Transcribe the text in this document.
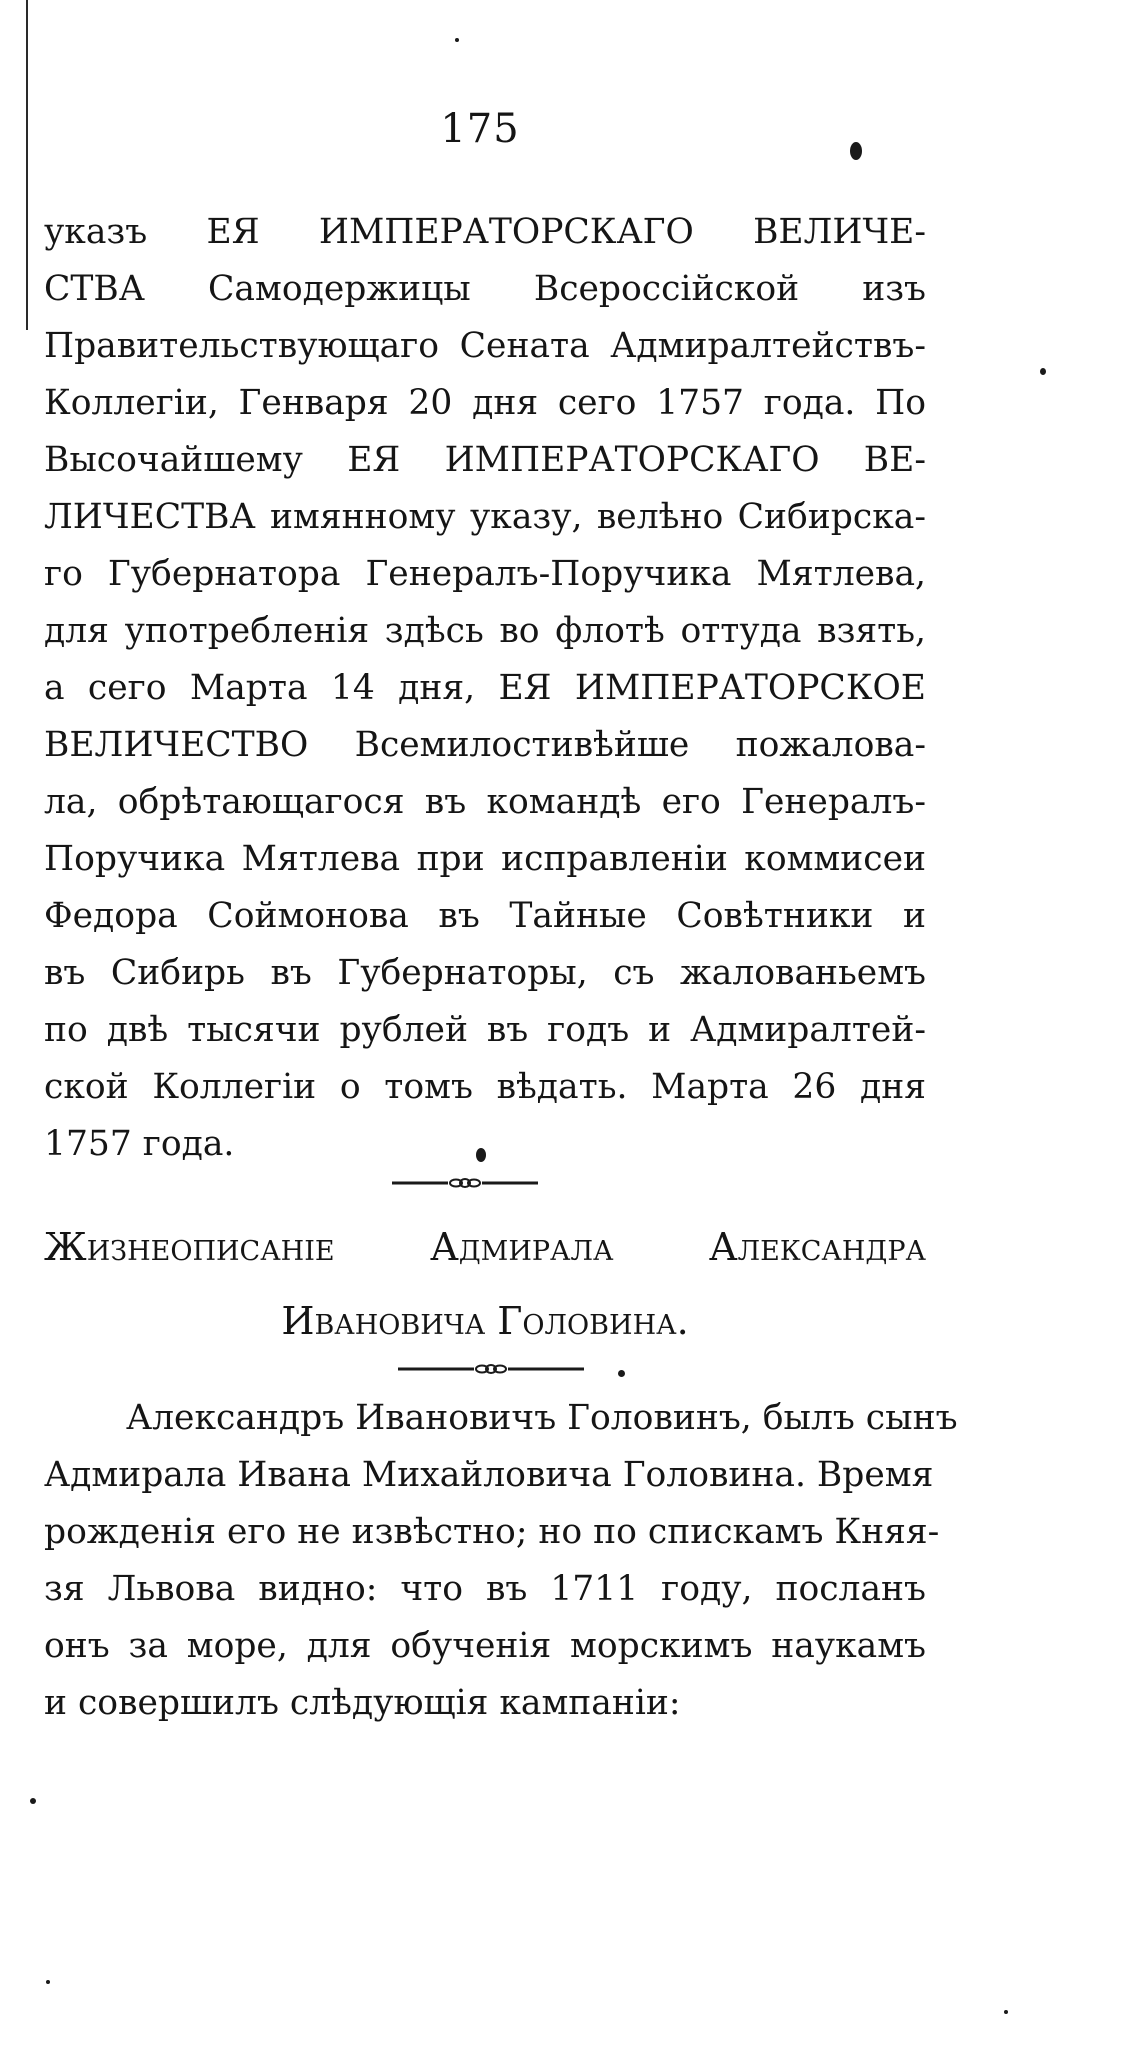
175
указъ ЕЯ ИМПЕРАТОРСКАГО ВЕЛИЧЕ-
СТВА Самодержицы Всероссійской изъ
Правительствующаго Сената Адмиралтействъ-
Коллегіи, Генваря 20 дня сего 1757 года. По
Высочайшему ЕЯ ИМПЕРАТОРСКАГО ВЕ-
ЛИЧЕСТВА имянному указу, велѣно Сибирска-
го Губернатора Генералъ-Поручика Мятлева,
для употребленія здѣсь во флотѣ оттуда взять,
а сего Марта 14 дня, ЕЯ ИМПЕРАТОРСКОЕ
ВЕЛИЧЕСТВО Всемилостивѣйше пожалова-
ла, обрѣтающагося въ командѣ его Генералъ-
Поручика Мятлева при исправленіи коммисеи
Федора Соймонова въ Тайные Совѣтники и
въ Сибирь въ Губернаторы, съ жалованьемъ
по двѣ тысячи рублей въ годъ и Адмиралтей-
ской Коллегіи о томъ вѣдать. Марта 26 дня
1757 года.
Жизнеописаніе Адмирала Александра
Ивановича Головина.
Александръ Ивановичъ Головинъ, былъ сынъ
Адмирала Ивана Михайловича Головина. Время
рожденія его не извѣстно; но по спискамъ Княя-
зя Львова видно: что въ 1711 году, посланъ
онъ за море, для обученія морскимъ наукамъ
и совершилъ слѣдующія кампаніи:
